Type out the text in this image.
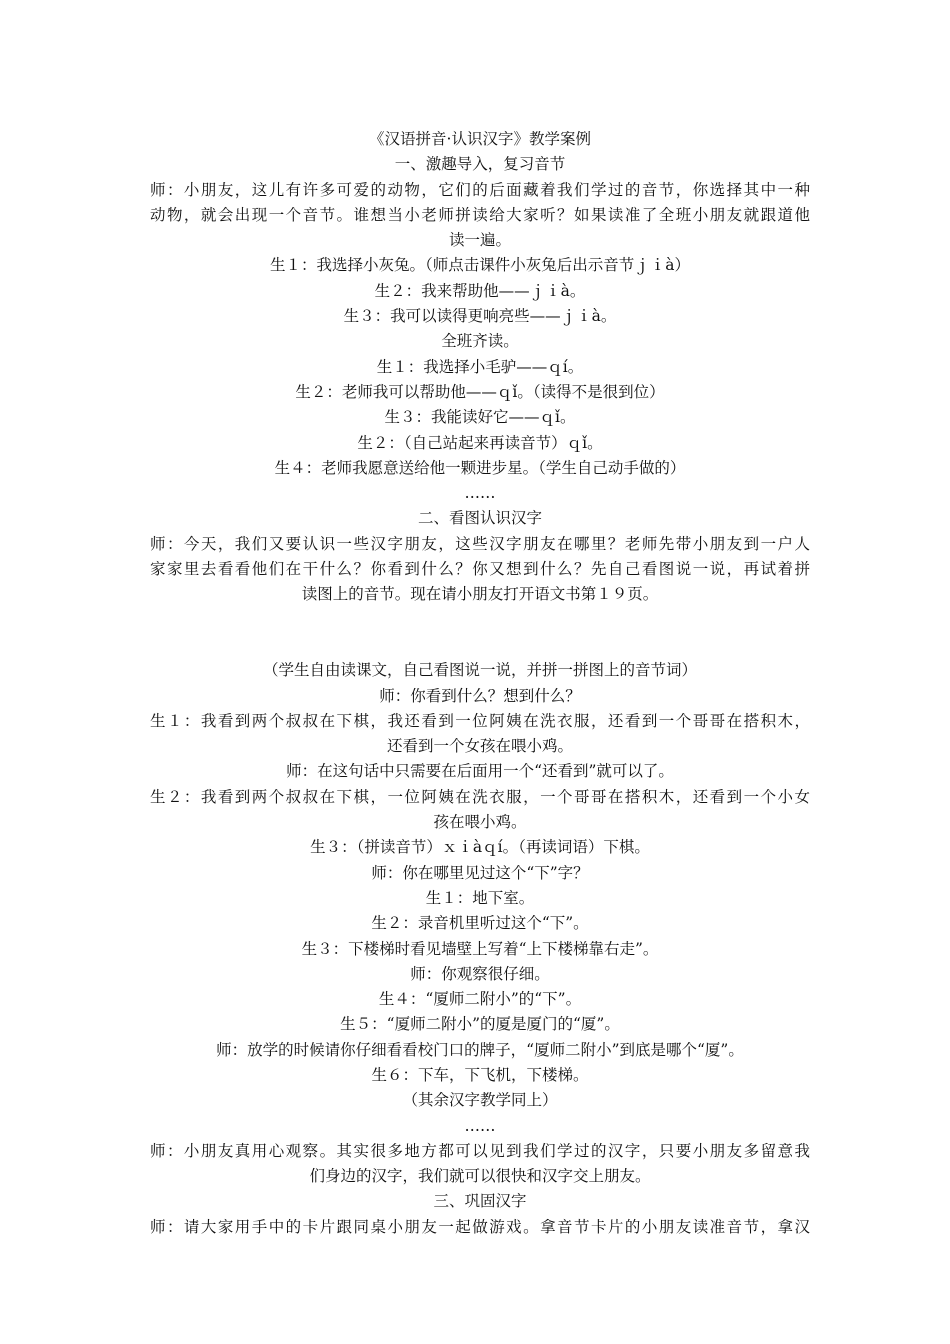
《汉语拼音·认识汉字》教学案例
一、激趣导入，复习音节
师：小朋友，这儿有许多可爱的动物，它们的后面藏着我们学过的音节，你选择其中一种
动物，就会出现一个音节。谁想当小老师拼读给大家听？如果读准了全班小朋友就跟道他
读一遍。
生１：我选择小灰兔。（师点击课件小灰兔后出示音节ｊｉà）
生２：我来帮助他——ｊｉà。
生３：我可以读得更响亮些——ｊｉà。
全班齐读。
生１：我选择小毛驴——ｑí。
生２：老师我可以帮助他——ｑǐ。（读得不是很到位）
生３：我能读好它——ｑǐ。
生２：（自己站起来再读音节）ｑǐ。
生４：老师我愿意送给他一颗进步星。（学生自己动手做的）
……
二、看图认识汉字
师：今天，我们又要认识一些汉字朋友，这些汉字朋友在哪里？老师先带小朋友到一户人
家家里去看看他们在干什么？你看到什么？你又想到什么？先自己看图说一说，再试着拼
读图上的音节。现在请小朋友打开语文书第１９页。
（学生自由读课文，自己看图说一说，并拼一拼图上的音节词）
师：你看到什么？想到什么？
生１：我看到两个叔叔在下棋，我还看到一位阿姨在洗衣服，还看到一个哥哥在搭积木，
还看到一个女孩在喂小鸡。
师：在这句话中只需要在后面用一个“还看到”就可以了。
生２：我看到两个叔叔在下棋，一位阿姨在洗衣服，一个哥哥在搭积木，还看到一个小女
孩在喂小鸡。
生３：（拼读音节）ｘｉàｑí。（再读词语）下棋。
师：你在哪里见过这个“下”字？
生１：地下室。
生２：录音机里听过这个“下”。
生３：下楼梯时看见墙壁上写着“上下楼梯靠右走”。
师：你观察很仔细。
生４：“厦师二附小”的“下”。
生５：“厦师二附小”的厦是厦门的“厦”。
师：放学的时候请你仔细看看校门口的牌子，“厦师二附小”到底是哪个“厦”。
生６：下车，下飞机，下楼梯。
（其余汉字教学同上）
……
师：小朋友真用心观察。其实很多地方都可以见到我们学过的汉字，只要小朋友多留意我
们身边的汉字，我们就可以很快和汉字交上朋友。
三、巩固汉字
师：请大家用手中的卡片跟同桌小朋友一起做游戏。拿音节卡片的小朋友读准音节，拿汉
